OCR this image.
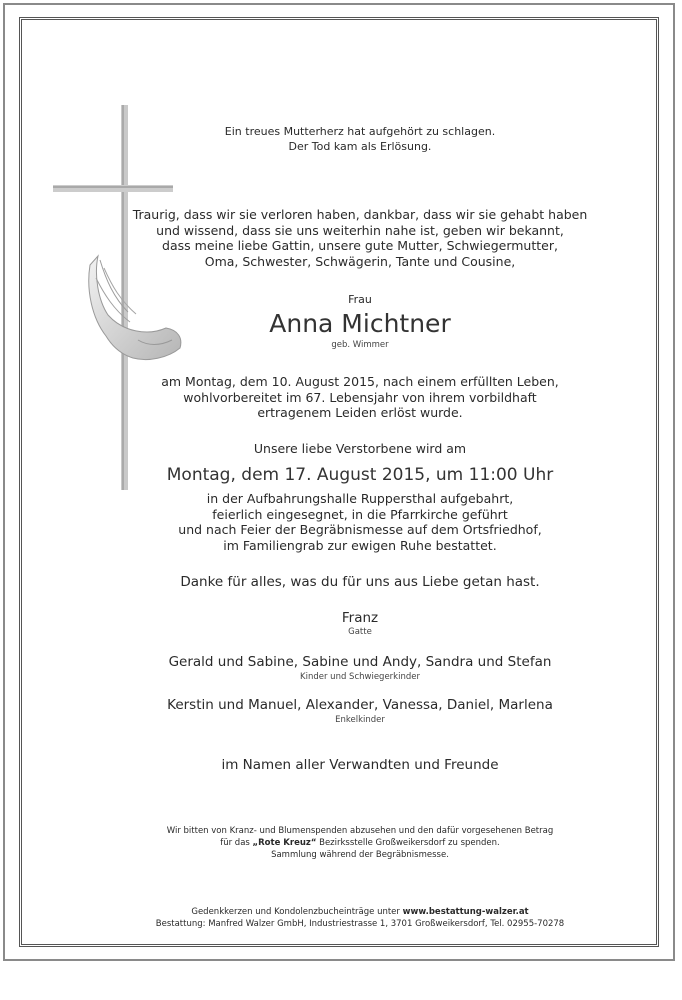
Ein treues Mutterherz hat aufgehört zu schlagen.
Der Tod kam als Erlösung.
Traurig, dass wir sie verloren haben, dankbar, dass wir sie gehabt haben
und wissend, dass sie uns weiterhin nahe ist, geben wir bekannt,
dass meine liebe Gattin, unsere gute Mutter, Schwiegermutter,
Oma, Schwester, Schwägerin, Tante und Cousine,
Frau
Anna Michtner
geb. Wimmer
am Montag, dem 10. August 2015, nach einem erfüllten Leben,
wohlvorbereitet im 67. Lebensjahr von ihrem vorbildhaft
ertragenem Leiden erlöst wurde.
Unsere liebe Verstorbene wird am
Montag, dem 17. August 2015, um 11:00 Uhr
in der Aufbahrungshalle Ruppersthal aufgebahrt,
feierlich eingesegnet, in die Pfarrkirche geführt
und nach Feier der Begräbnismesse auf dem Ortsfriedhof,
im Familiengrab zur ewigen Ruhe bestattet.
Danke für alles, was du für uns aus Liebe getan hast.
Franz
Gatte
Gerald und Sabine, Sabine und Andy, Sandra und Stefan
Kinder und Schwiegerkinder
Kerstin und Manuel, Alexander, Vanessa, Daniel, Marlena
Enkelkinder
im Namen aller Verwandten und Freunde
Wir bitten von Kranz- und Blumenspenden abzusehen und den dafür vorgesehenen Betrag
für das „Rote Kreuz“ Bezirksstelle Großweikersdorf zu spenden.
Sammlung während der Begräbnismesse.
Gedenkkerzen und Kondolenzbucheinträge unter www.bestattung-walzer.at
Bestattung: Manfred Walzer GmbH, Industriestrasse 1, 3701 Großweikersdorf, Tel. 02955-70278
